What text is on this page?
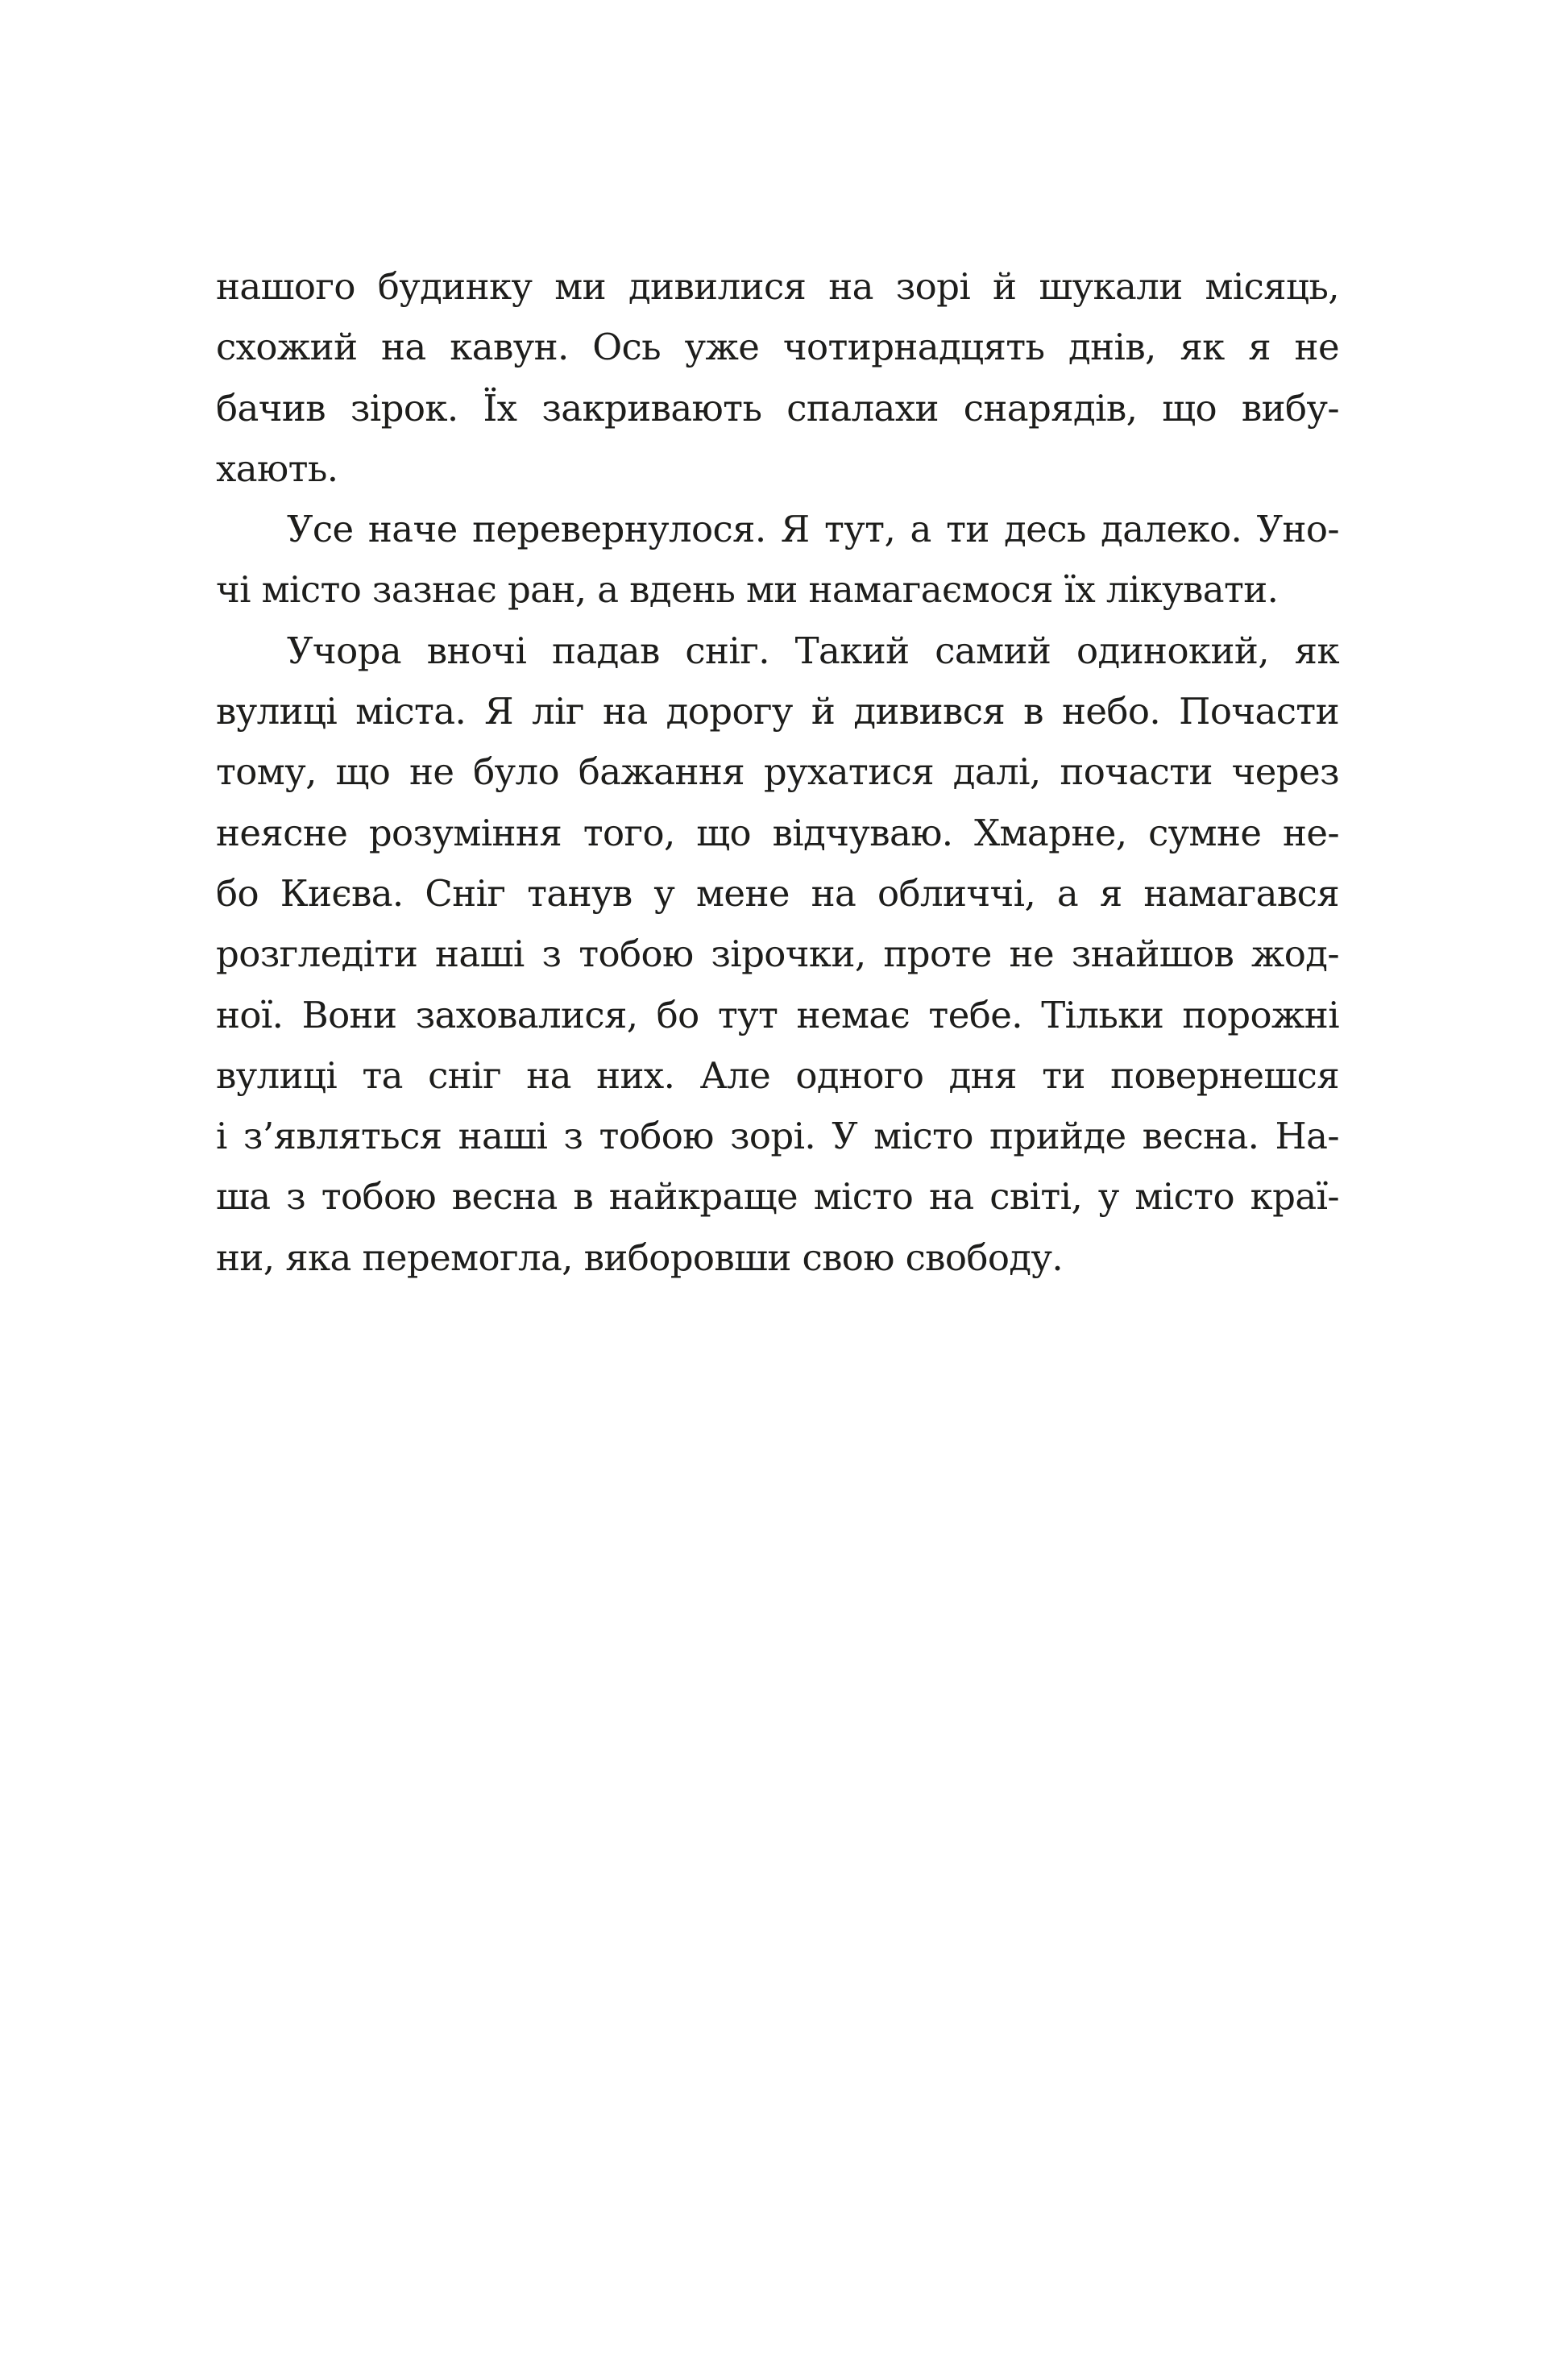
нашого будинку ми дивилися на зорі й шукали місяць,
схожий на кавун. Ось уже чотирнадцять днів, як я не
бачив зірок. Їх закривають спалахи снарядів, що вибу-
хають.
Усе наче перевернулося. Я тут, а ти десь далеко. Уно-
чі місто зазнає ран, а вдень ми намагаємося їх лікувати.
Учора вночі падав сніг. Такий самий одинокий, як
вулиці міста. Я ліг на дорогу й дивився в небо. Почасти
тому, що не було бажання рухатися далі, почасти через
неясне розуміння того, що відчуваю. Хмарне, сумне не-
бо Києва. Сніг танув у мене на обличчі, а я намагався
розгледіти наші з тобою зірочки, проте не знайшов жод-
ної. Вони заховалися, бо тут немає тебе. Тільки порожні
вулиці та сніг на них. Але одного дня ти повернешся
і з’являться наші з тобою зорі. У місто прийде весна. На-
ша з тобою весна в найкраще місто на світі, у місто краї-
ни, яка перемогла, виборовши свою свободу.
